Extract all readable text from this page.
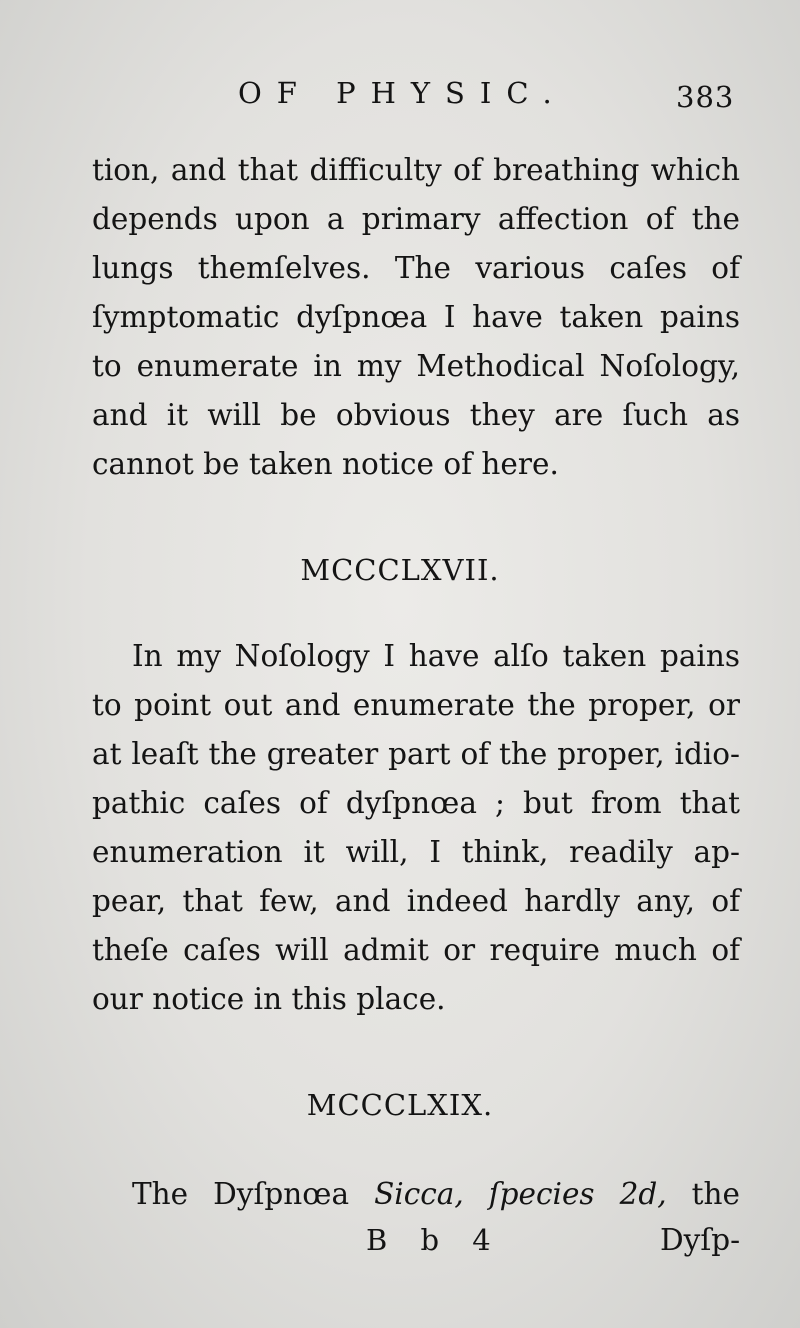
OF PHYSIC.	383

tion, and that difficulty of breathing which

depends upon a primary affection of the

lungs themſelves. The various caſes of

ſymptomatic dyſpnœa I have taken pains

to enumerate in my Methodical Noſology,

and it will be obvious they are ſuch as

cannot be taken notice of here.

MCCCLXVII.

In my Noſology I have alſo taken pains

to point out and enumerate the proper, or

at leaſt the greater part of the proper, idio-

pathic caſes of dyſpnœa ; but from that

enumeration it will, I think, readily ap-

pear, that few, and indeed hardly any, of

theſe caſes will admit or require much of

our notice in this place.

MCCCLXIX.

The Dyſpnœa Sicca, ſpecies 2d, the

B b 4	Dyſp-
